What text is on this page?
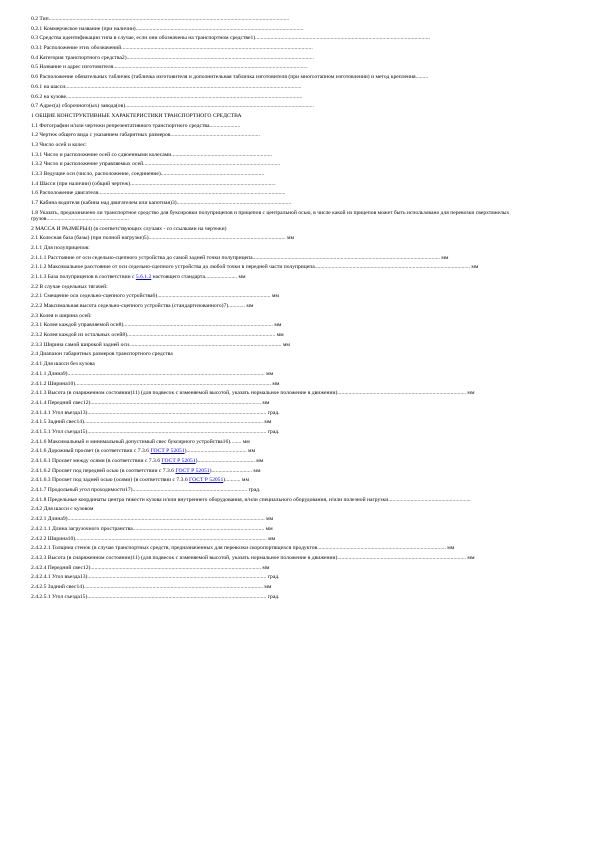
0.2 Тип............................................................................................................................................................................
0.2.1 Коммерческое название (при наличии)........................................................................................................................
0.3 Средства идентификации типа в случае, если они обозначены на транспортном средстве1).............................................................................................................................
0.3.1 Расположение этих обозначений.........................................................................................................................................
0.4 Категория транспортного средства2)......................................................................................................................................
0.5 Название и адрес изготовителя...........................................................................................................................................
0.6 Расположение обязательных табличек (табличка изготовителя и дополнительная табличка изготовителя (при многоэтапном изготовлении) и метод крепления.........
0.6.1 на шасси.........................................................................................................................................................................
0.6.2 на кузове.........................................................................................................................................................................
0.7 Адрес(а) сборочного(ых) завода(ов).......................................................................................................................................
1 ОБЩИЕ КОНСТРУКТИВНЫЕ ХАРАКТЕРИСТИКИ ТРАНСПОРТНОГО СРЕДСТВА
1.1 Фотографии и/или чертежи репрезентативного транспортного средства......................
1.2 Чертеж общего вида с указанием габаритных размеров................................................................
1.3 Число осей и колес:
1.3.1 Число и расположение осей со сдвоенными колесами........................................................................
1.3.2 Число и расположение управляемых осей..................................................................................................
1.3.3 Ведущие оси (число, расположение, соединение)..........................................................................
1.4 Шасси (при наличии) (общий чертеж)........................................................................................................
1.6 Расположение двигателя......................................................................................................................................
1.7 Кабина водителя (кабина над двигателем или капотная)3)..................................................................................
1.8 Указать, предназначено ли транспортное средство для буксировки полуприцепов и прицепов с центральной осью, в числе какой из прицепов может быть использовано для перевозки сверхтяжелых грузов...........................................................
2 МАССА И РАЗМЕРЫ4) (в соответствующих случаях - со ссылками на чертежи)
2.1 Колесная база (базы) (при полной нагрузке)5).................................................................................................. мм
2.1.1 Для полуприцепов:
2.1.1.1 Расстояние от оси седельно-сцепного устройства до самой задней точки полуприцепа...................................................................................................................................... мм
2.1.1.2 Максимальное расстояние от оси седельно-сцепного устройства до любой точки в передней части полуприцепа............................................................................................................... мм
2.1.1.3 База полуприцепов в соответствии с 5.6.1.2 настоящего стандарта....................... мм
2.2 В случае седельных тягачей:
2.2.1 Смещение оси седельно-сцепного устройства6)................................................................................. мм
2.2.2 Максимальная высота седельно-сцепного устройства (стандартизованного)7)............ мм
2.3 Колея и ширина осей:
2.3.1 Колея каждой управляемой оси8)........................................................................................................... мм
2.3.2 Колея каждой из остальных осей8).......................................................................................................... мм
2.3.3 Ширина самой широкой задней оси............................................................................................................. мм
2.4 Диапазон габаритных размеров транспортного средства
2.4.1 Для шасси без кузова
2.4.1.1 Длина9)............................................................................................................................................. мм
2.4.1.2 Ширина10)............................................................................................................................................ мм
2.4.1.3 Высота (в снаряженном состоянии)11) (для подвесок с изменяемой высотой, указать нормальное положение в движении)............................................................................................ мм
2.4.1.4 Передний свес12).......................................................................................................................... мм
2.4.1.4.1 Угол въезда13)................................................................................................................................ град.
2.4.1.5 Задний свес14)................................................................................................................................ мм
2.4.1.5.1 Угол съезда15)................................................................................................................................ град.
2.4.1.6 Максимальный и минимальный допустимый свес буксирного устройства16)........ мм
2.4.1.6 Дорожный просвет (в соответствии с 7.3.6 ГОСТ Р 52051)........................................... мм
2.4.1.6.1 Просвет между осями (в соответствии с 7.3.6 ГОСТ Р 52051)......................................... мм
2.4.1.6.2 Просвет под передней осью (в соответствии с 7.3.6 ГОСТ Р 52051)............................. мм
2.4.1.6.3 Просвет под задней осью (осями) (в соответствии с 7.3.6 ГОСТ Р 52051)........... мм
2.4.1.7 Продольный угол проходимости17).................................................................................. град.
2.4.1.8 Предельные координаты центра тяжести кузова и/или внутреннего оборудования, и/или специального оборудования, и/или полезной нагрузки...........................................................
2.4.2 Для шасси с кузовом
2.4.2.1 Длина9)............................................................................................................................................. мм
2.4.2.1.1 Длина загрузочного пространства.............................................................................................. мм
2.4.2.2 Ширина10)......................................................................................................................................... мм
2.4.2.2.1 Толщина стенок (в случае транспортных средств, предназначенных для перевозки скоропортящихся продуктов............................................................................................ мм
2.4.2.3 Высота (в снаряженном состоянии)11) (для подвесок с изменяемой высотой, указать нормальное положение в движении)............................................................................................ мм
2.4.2.4 Передний свес12).......................................................................................................................... мм
2.4.2.4.1 Угол въезда13)................................................................................................................................ град.
2.4.2.5 Задний свес14)................................................................................................................................ мм
2.4.2.5.1 Угол съезда15)................................................................................................................................ град.
